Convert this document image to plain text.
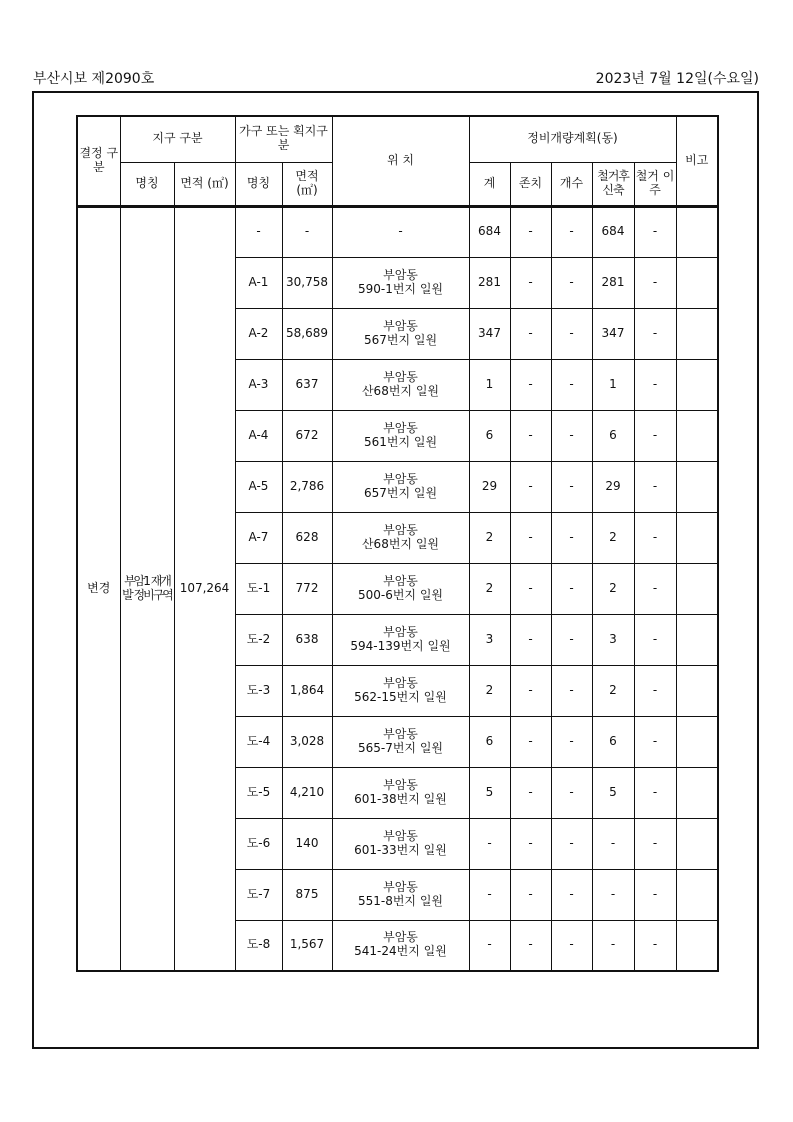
부산시보 제2090호	2023년 7월 12일(수요일)
결정 구분	지구 구분		가구 또는 획지구분		위 치	정비개량계획(동)					비고
	명칭	면적 (㎡)	명칭	면적 (㎡)		계	존치	개수	철거후 신축	철거 이주	
변경	부암1 재개발 정비구역	107,264	-	-	-	684	-	-	684	-	
			A-1	30,758	부암동
590-1번지 일원	281	-	-	281	-	
			A-2	58,689	부암동
567번지 일원	347	-	-	347	-	
			A-3	637	부암동
산68번지 일원	1	-	-	1	-	
			A-4	672	부암동
561번지 일원	6	-	-	6	-	
			A-5	2,786	부암동
657번지 일원	29	-	-	29	-	
			A-7	628	부암동
산68번지 일원	2	-	-	2	-	
			도-1	772	부암동
500-6번지 일원	2	-	-	2	-	
			도-2	638	부암동
594-139번지 일원	3	-	-	3	-	
			도-3	1,864	부암동
562-15번지 일원	2	-	-	2	-	
			도-4	3,028	부암동
565-7번지 일원	6	-	-	6	-	
			도-5	4,210	부암동
601-38번지 일원	5	-	-	5	-	
			도-6	140	부암동
601-33번지 일원	-	-	-	-	-	
			도-7	875	부암동
551-8번지 일원	-	-	-	-	-	
			도-8	1,567	부암동
541-24번지 일원	-	-	-	-	-	
